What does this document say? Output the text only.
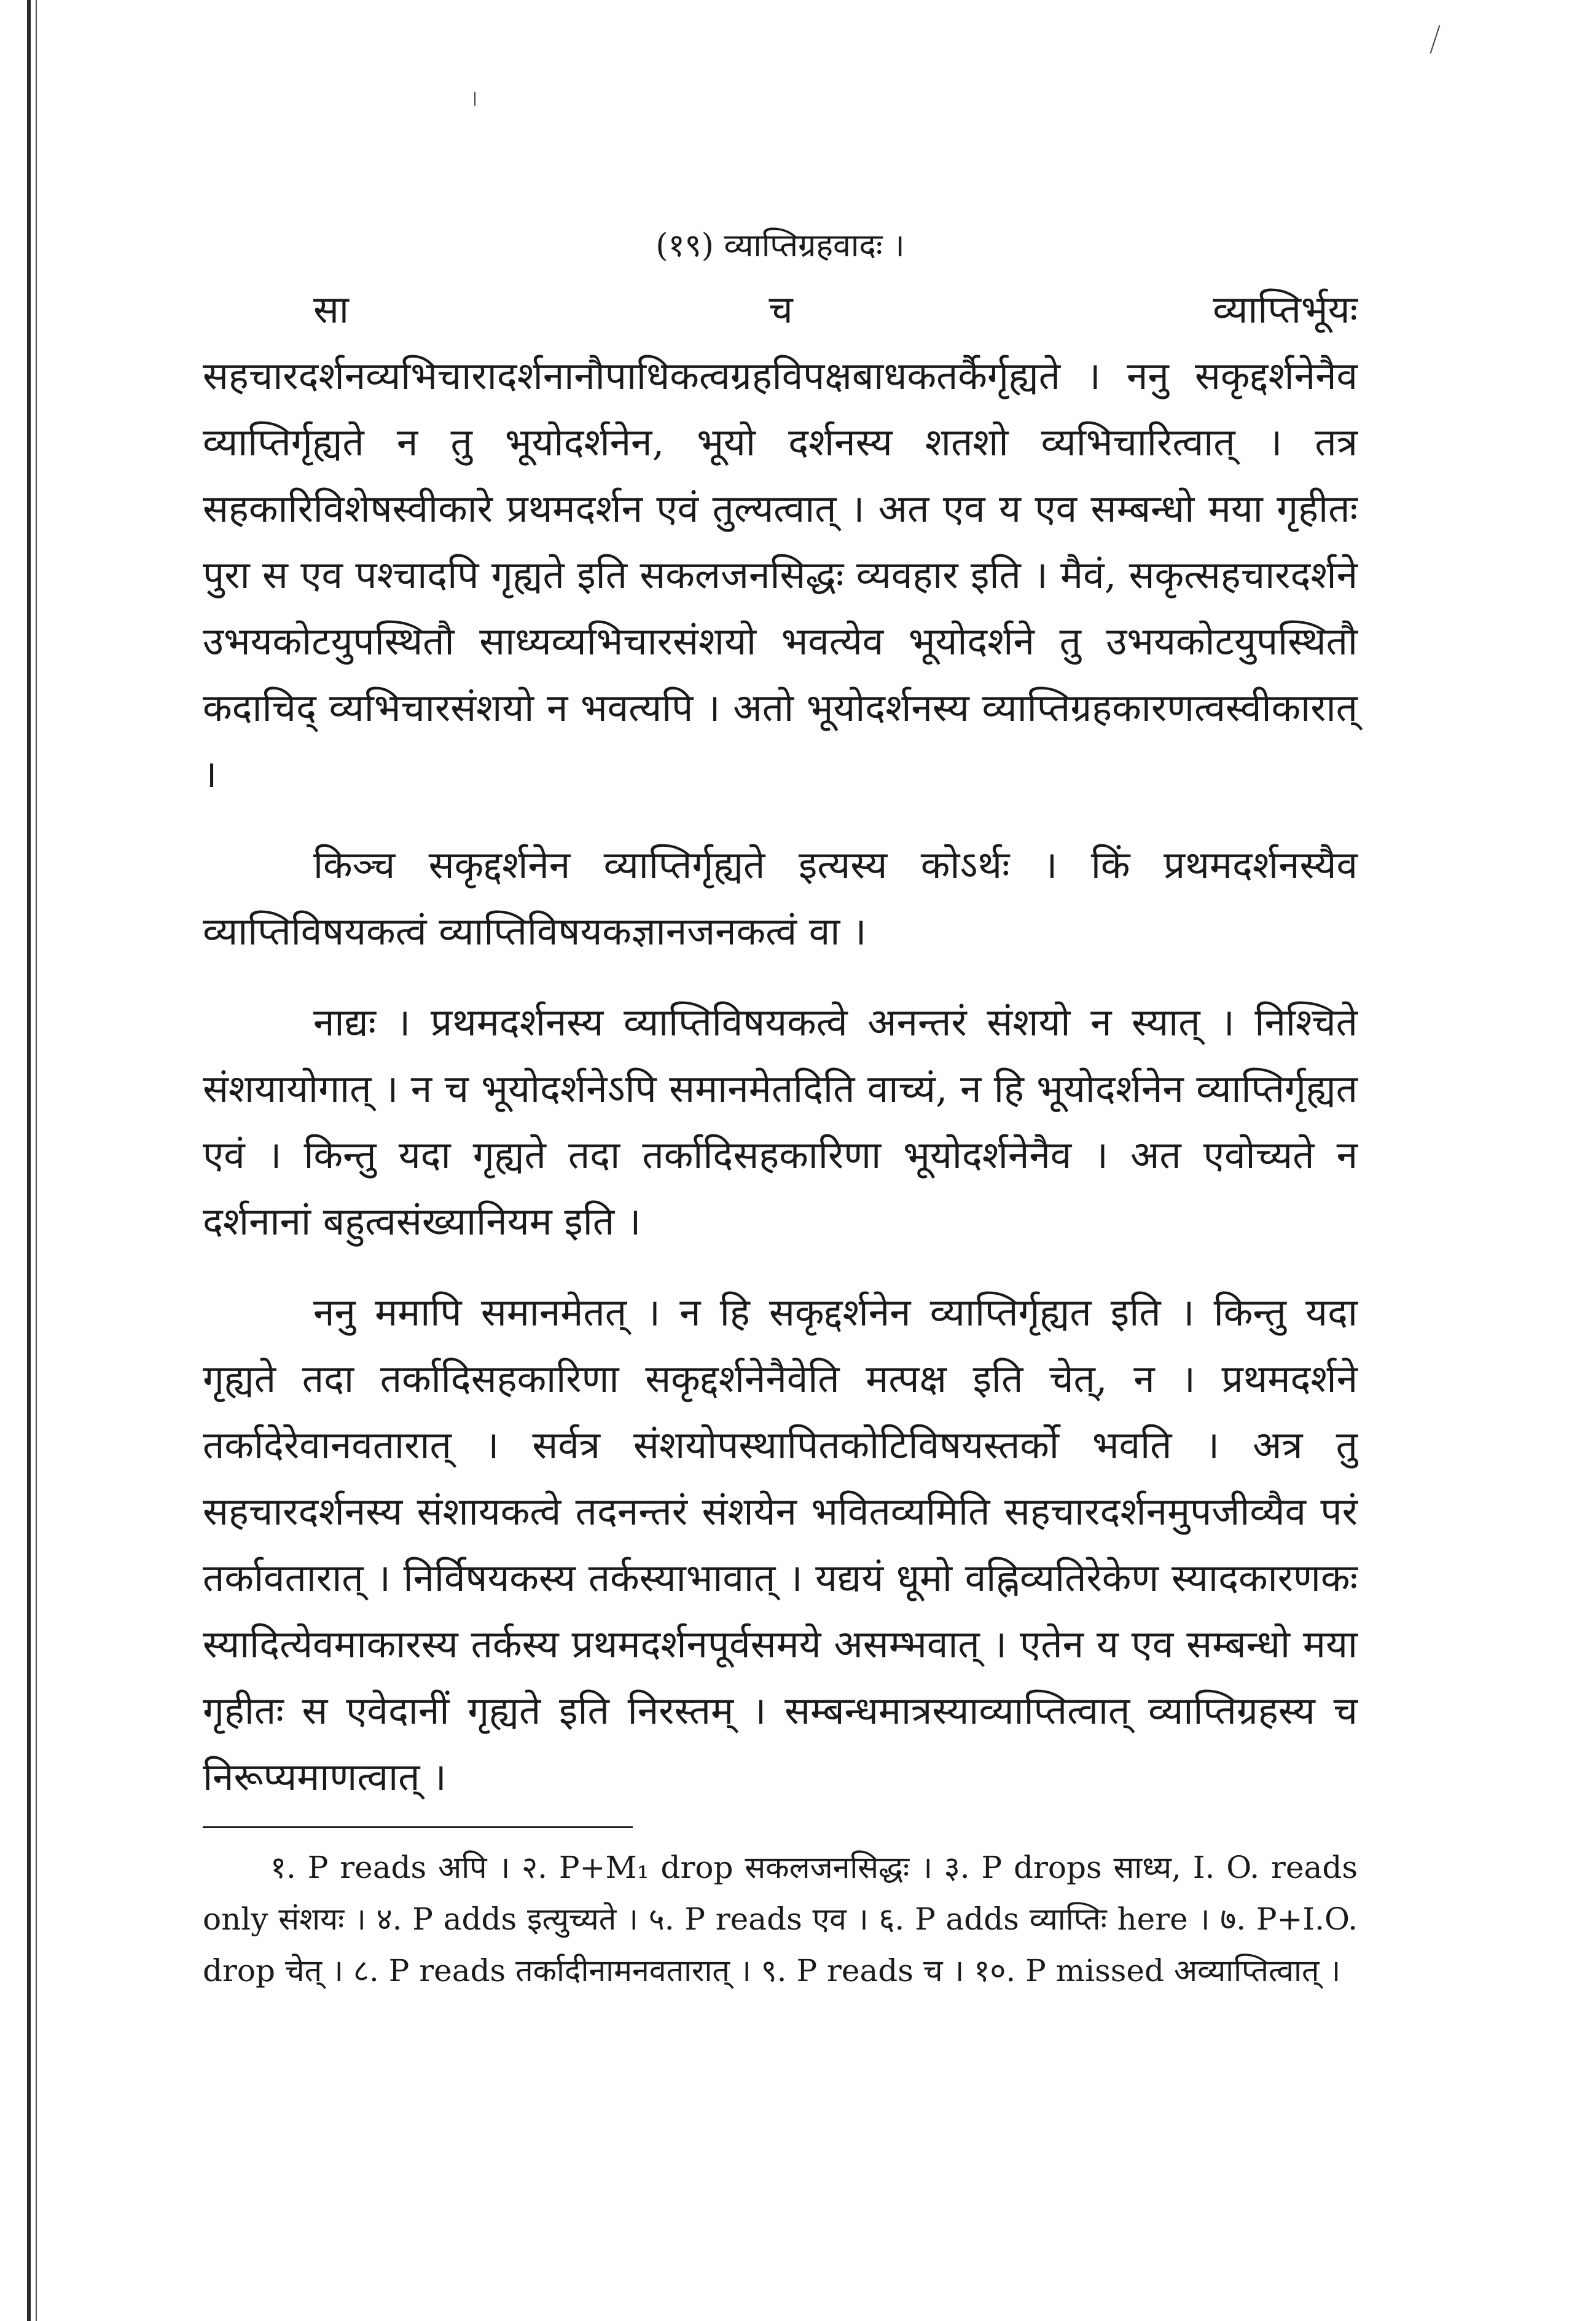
(१९) व्याप्तिग्रहवादः ।

सा च व्याप्तिर्भूयः सहचारदर्शनव्यभिचारादर्शनानौपाधिकत्वग्रहविपक्षबाधकतर्कैर्गृह्यते । ननु सकृद्दर्शनेनैव व्याप्तिर्गृह्यते न तु भूयोदर्शनेन, भूयो दर्शनस्य शतशो व्यभिचारित्वात् । तत्र सहकारिविशेषस्वीकारे प्रथमदर्शन एवं तुल्यत्वात् । अत एव य एव सम्बन्धो मया गृहीतः पुरा स एव पश्चादपि गृह्यते इति सकलजनसिद्धः व्यवहार इति । मैवं, सकृत्सहचारदर्शने उभयकोटयुपस्थितौ साध्यव्यभिचारसंशयो भवत्येव भूयोदर्शने तु उभयकोटयुपस्थितौ कदाचिद् व्यभिचारसंशयो न भवत्यपि । अतो भूयोदर्शनस्य व्याप्तिग्रहकारणत्वस्वीकारात् ।

किञ्च सकृद्दर्शनेन व्याप्तिर्गृह्यते इत्यस्य कोऽर्थः । किं प्रथमदर्शनस्यैव व्याप्तिविषयकत्वं व्याप्तिविषयकज्ञानजनकत्वं वा ।

नाद्यः । प्रथमदर्शनस्य व्याप्तिविषयकत्वे अनन्तरं संशयो न स्यात् । निश्चिते संशयायोगात् । न च भूयोदर्शनेऽपि समानमेतदिति वाच्यं, न हि भूयोदर्शनेन व्याप्तिर्गृह्यत एवं । किन्तु यदा गृह्यते तदा तर्कादिसहकारिणा भूयोदर्शनेनैव । अत एवोच्यते न दर्शनानां बहुत्वसंख्यानियम इति ।

ननु ममापि समानमेतत् । न हि सकृद्दर्शनेन व्याप्तिर्गृह्यत इति । किन्तु यदा गृह्यते तदा तर्कादिसहकारिणा सकृद्दर्शनेनैवेति मत्पक्ष इति चेत्, न । प्रथमदर्शने तर्कादेरेवानवतारात् । सर्वत्र संशयोपस्थापितकोटिविषयस्तर्को भवति । अत्र तु सहचारदर्शनस्य संशायकत्वे तदनन्तरं संशयेन भवितव्यमिति सहचारदर्शनमुपजीव्यैव परं तर्कावतारात् । निर्विषयकस्य तर्कस्याभावात् । यद्ययं धूमो वह्निव्यतिरेकेण स्यादकारणकः स्यादित्येवमाकारस्य तर्कस्य प्रथमदर्शनपूर्वसमये असम्भवात् । एतेन य एव सम्बन्धो मया गृहीतः स एवेदानीं गृह्यते इति निरस्तम् । सम्बन्धमात्रस्याव्याप्तित्वात् व्याप्तिग्रहस्य च निरूप्यमाणत्वात् ।

१. P reads अपि । २. P+M₁ drop सकलजनसिद्धः । ३. P drops साध्य, I. O. reads only संशयः । ४. P adds इत्युच्यते । ५. P reads एव । ६. P adds व्याप्तिः here । ७. P+I.O. drop चेत् । ८. P reads तर्कादीनामनवतारात् । ९. P reads च । १०. P missed अव्याप्तित्वात् ।
